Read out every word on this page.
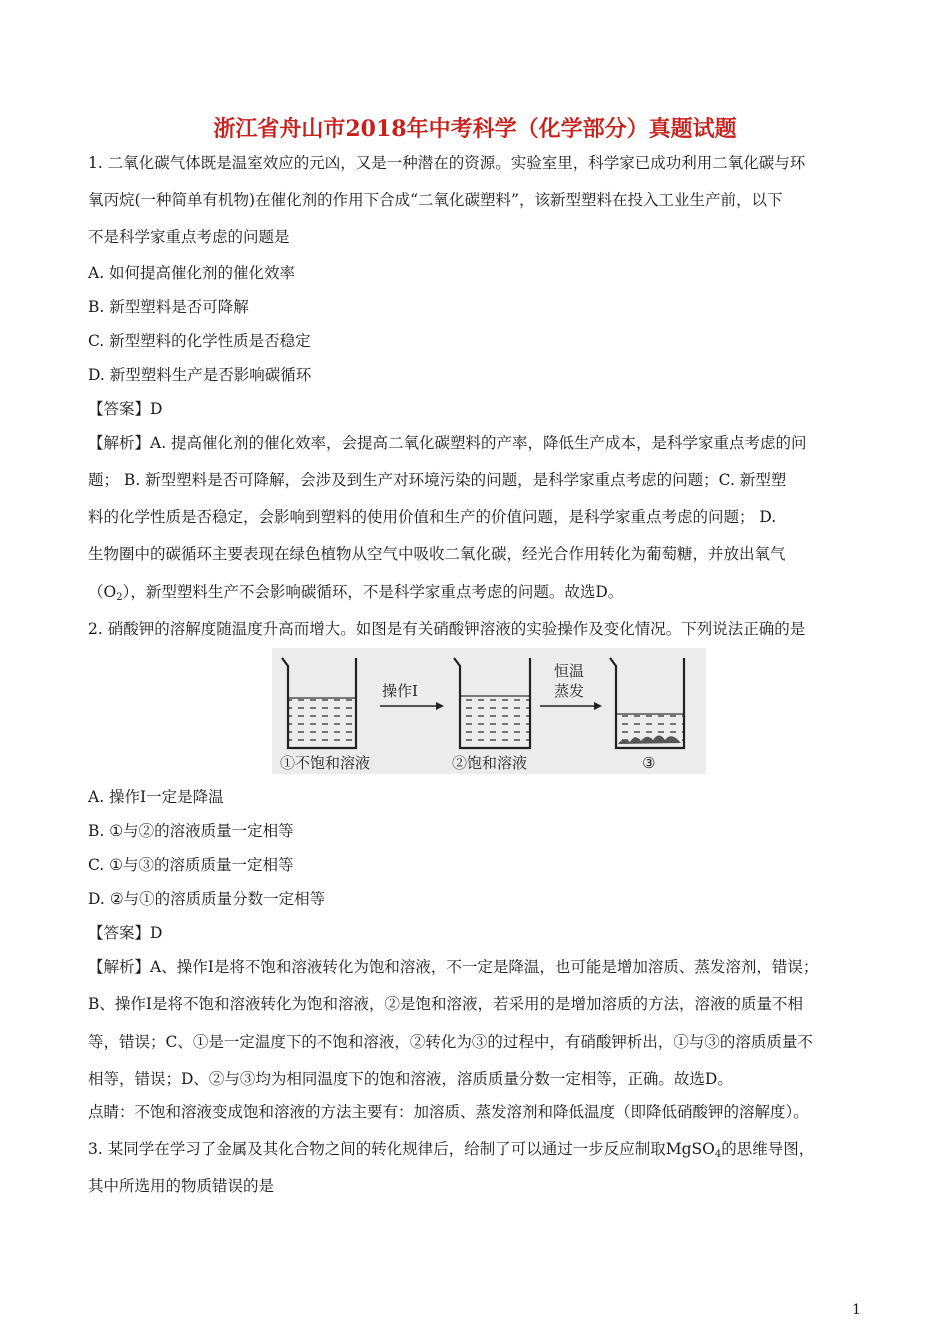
浙江省舟山市2018年中考科学（化学部分）真题试题
1. 二氧化碳气体既是温室效应的元凶，又是一种潜在的资源。实验室里，科学家已成功利用二氧化碳与环
氧丙烷(一种简单有机物)在催化剂的作用下合成“二氧化碳塑料”，该新型塑料在投入工业生产前，以下
不是科学家重点考虑的问题是
A. 如何提高催化剂的催化效率
B. 新型塑料是否可降解
C. 新型塑料的化学性质是否稳定
D. 新型塑料生产是否影响碳循环
【答案】D
【解析】A. 提高催化剂的催化效率，会提高二氧化碳塑料的产率，降低生产成本，是科学家重点考虑的问
题； B. 新型塑料是否可降解，会涉及到生产对环境污染的问题，是科学家重点考虑的问题；C. 新型塑
料的化学性质是否稳定，会影响到塑料的使用价值和生产的价值问题，是科学家重点考虑的问题； D.
生物圈中的碳循环主要表现在绿色植物从空气中吸收二氧化碳，经光合作用转化为葡萄糖，并放出氧气
$(O_2)$，新型塑料生产不会影响碳循环，不是科学家重点考虑的问题。故选D。
2. 硝酸钾的溶解度随温度升高而增大。如图是有关硝酸钾溶液的实验操作及变化情况。下列说法正确的是
操作Ⅰ
恒温
蒸发
①不饱和溶液	②饱和溶液	③
A. 操作Ⅰ一定是降温
B. ①与②的溶液质量一定相等
C. ①与③的溶质质量一定相等
D. ②与①的溶质质量分数一定相等
【答案】D
【解析】A、操作Ⅰ是将不饱和溶液转化为饱和溶液，不一定是降温，也可能是增加溶质、蒸发溶剂，错误；
B、操作Ⅰ是将不饱和溶液转化为饱和溶液，②是饱和溶液，若采用的是增加溶质的方法，溶液的质量不相
等，错误；C、①是一定温度下的不饱和溶液，②转化为③的过程中，有硝酸钾析出，①与③的溶质质量不
相等，错误；D、②与③均为相同温度下的饱和溶液，溶质质量分数一定相等，正确。故选D。
点睛：不饱和溶液变成饱和溶液的方法主要有：加溶质、蒸发溶剂和降低温度（即降低硝酸钾的溶解度）。
3. 某同学在学习了金属及其化合物之间的转化规律后，给制了可以通过一步反应制取MgSO$_4$的思维导图，
其中所选用的物质错误的是
1
